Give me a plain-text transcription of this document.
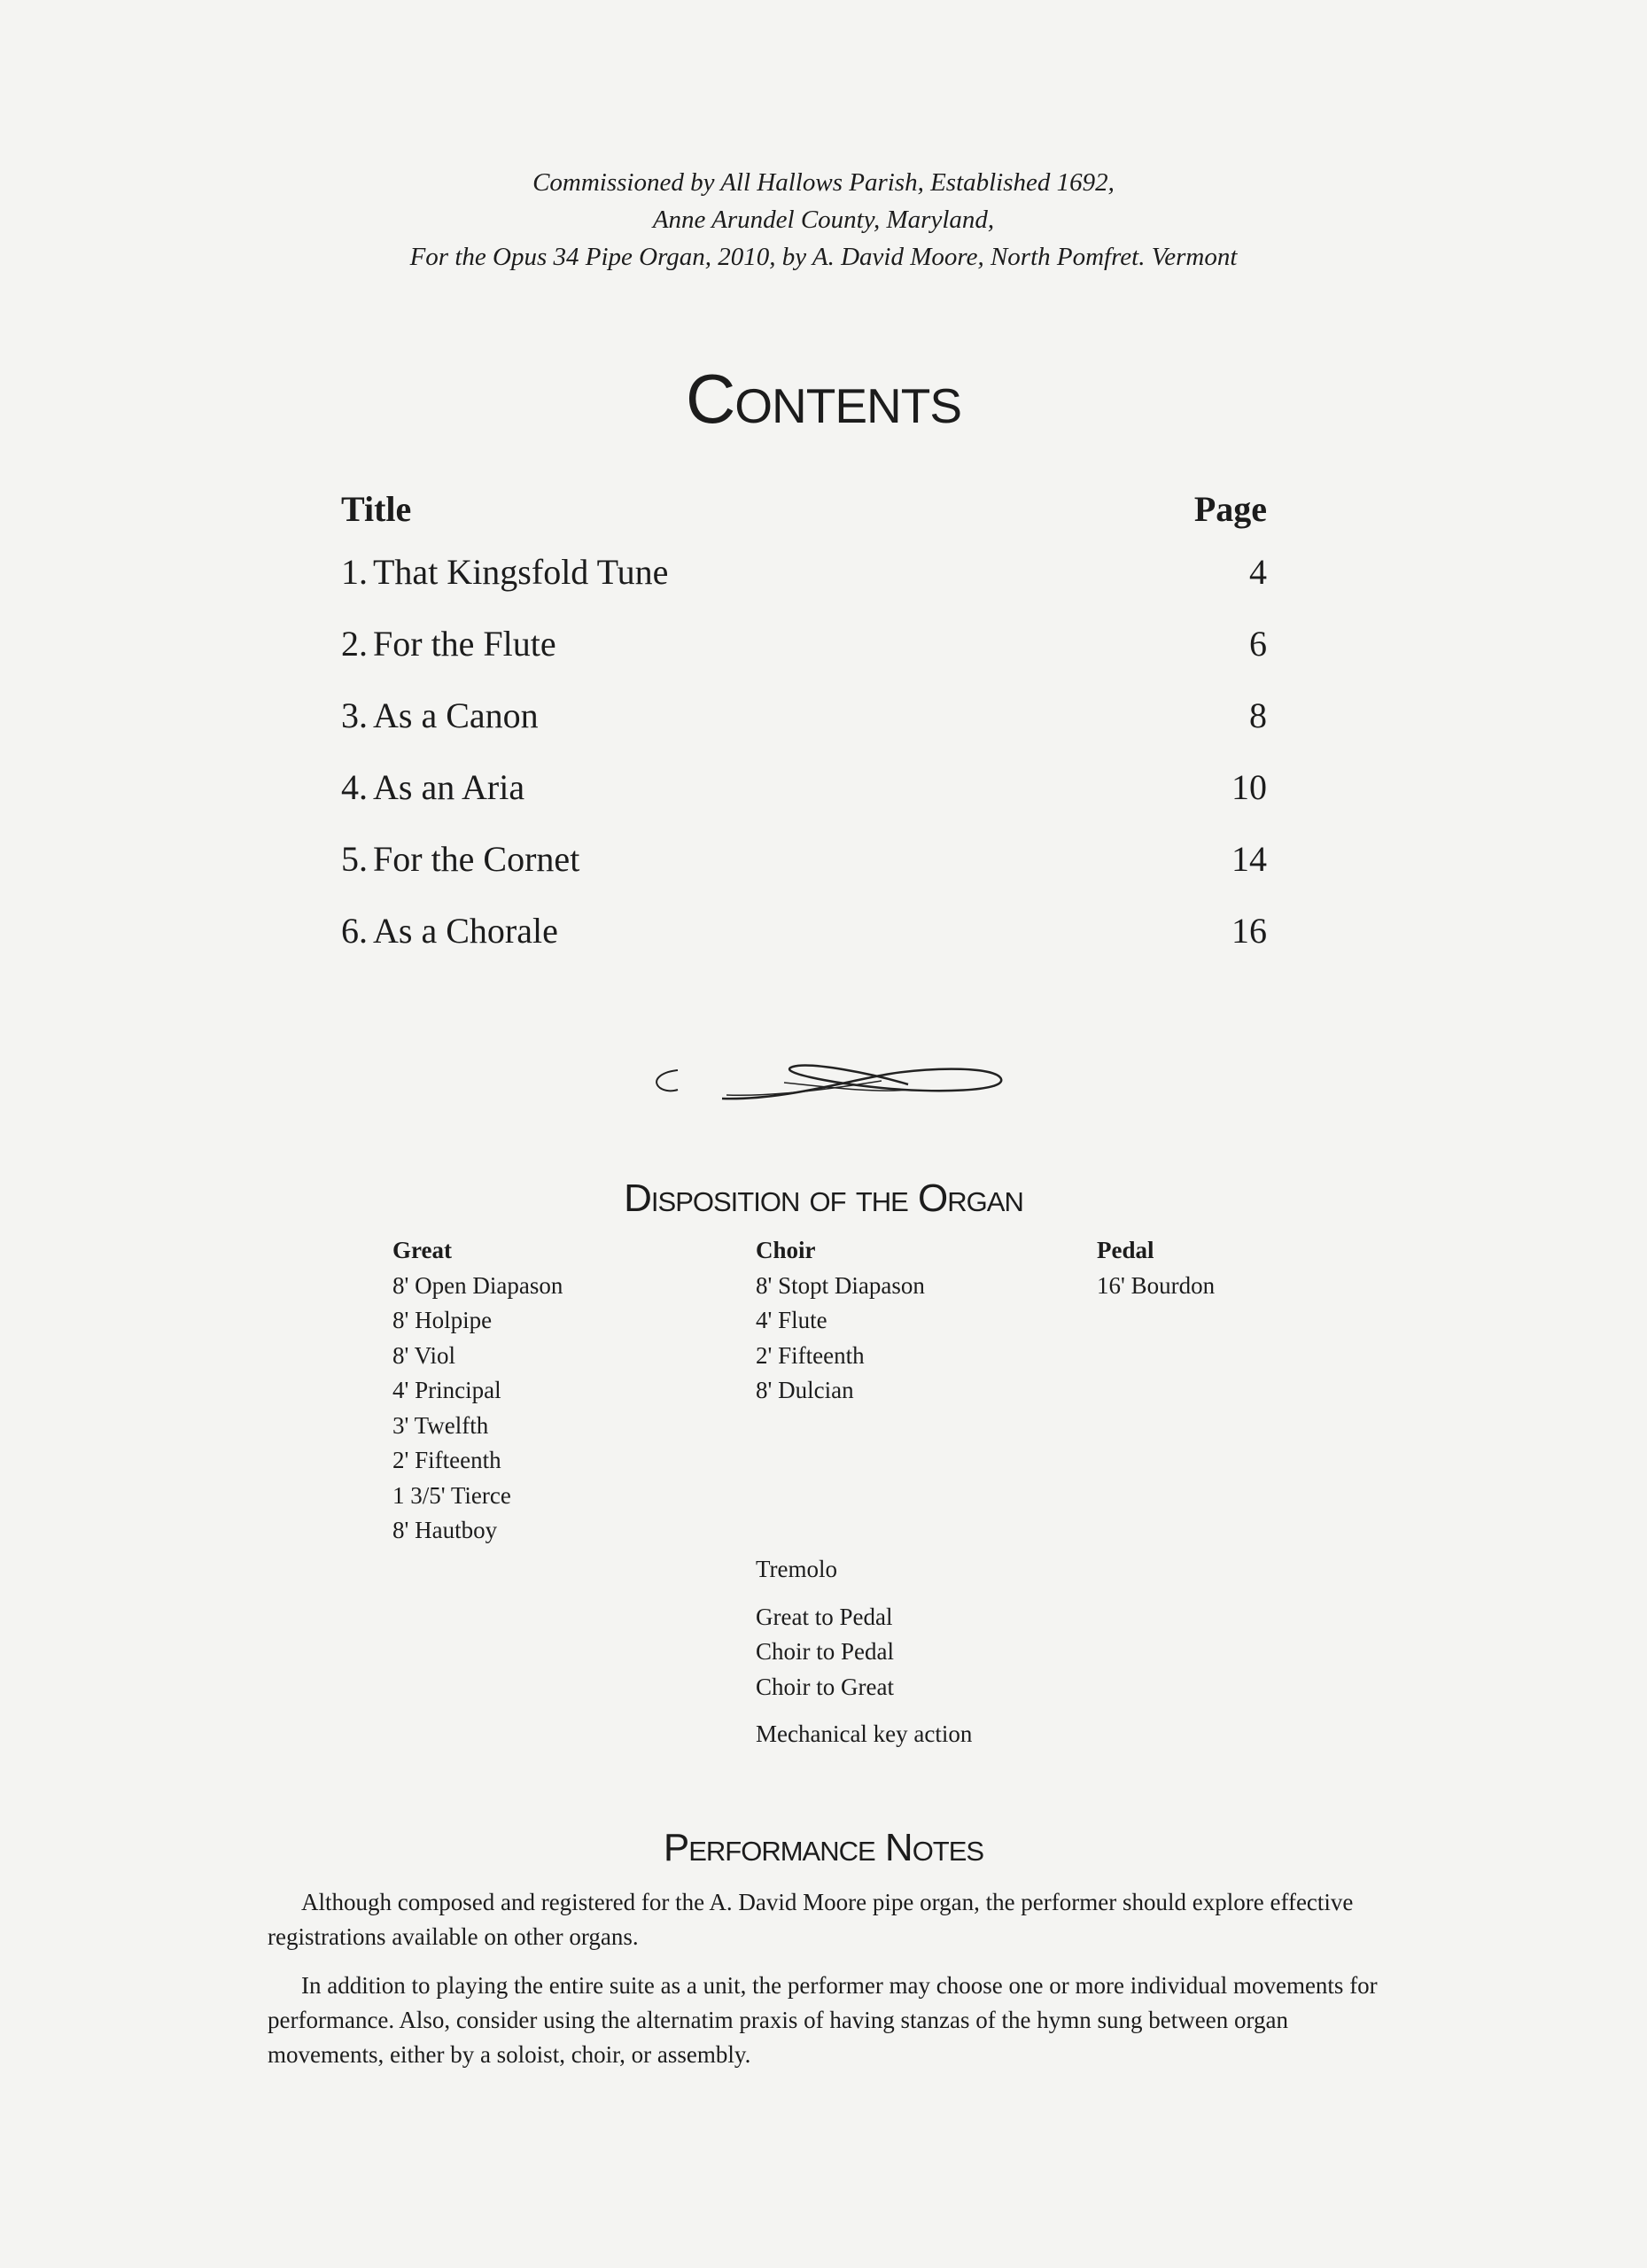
Commissioned by All Hallows Parish, Established 1692,
Anne Arundel County, Maryland,
For the Opus 34 Pipe Organ, 2010, by A. David Moore, North Pomfret. Vermont
Contents
Title	Page
1. That Kingsfold Tune	4
2. For the Flute	6
3. As a Canon	8
4. As an Aria	10
5. For the Cornet	14
6. As a Chorale	16
Disposition of the Organ
Great
8' Open Diapason
8' Holpipe
8' Viol
4' Principal
3' Twelfth
2' Fifteenth
1 3/5' Tierce
8' Hautboy
Choir
8' Stopt Diapason
4' Flute
2' Fifteenth
8' Dulcian
Pedal
16' Bourdon
Tremolo
Great to Pedal
Choir to Pedal
Choir to Great
Mechanical key action
Performance Notes

Although composed and registered for the A. David Moore pipe organ, the performer should explore effective registrations available on other organs.

In addition to playing the entire suite as a unit, the performer may choose one or more individual movements for performance. Also, consider using the alternatim praxis of having stanzas of the hymn sung between organ movements, either by a soloist, choir, or assembly.
